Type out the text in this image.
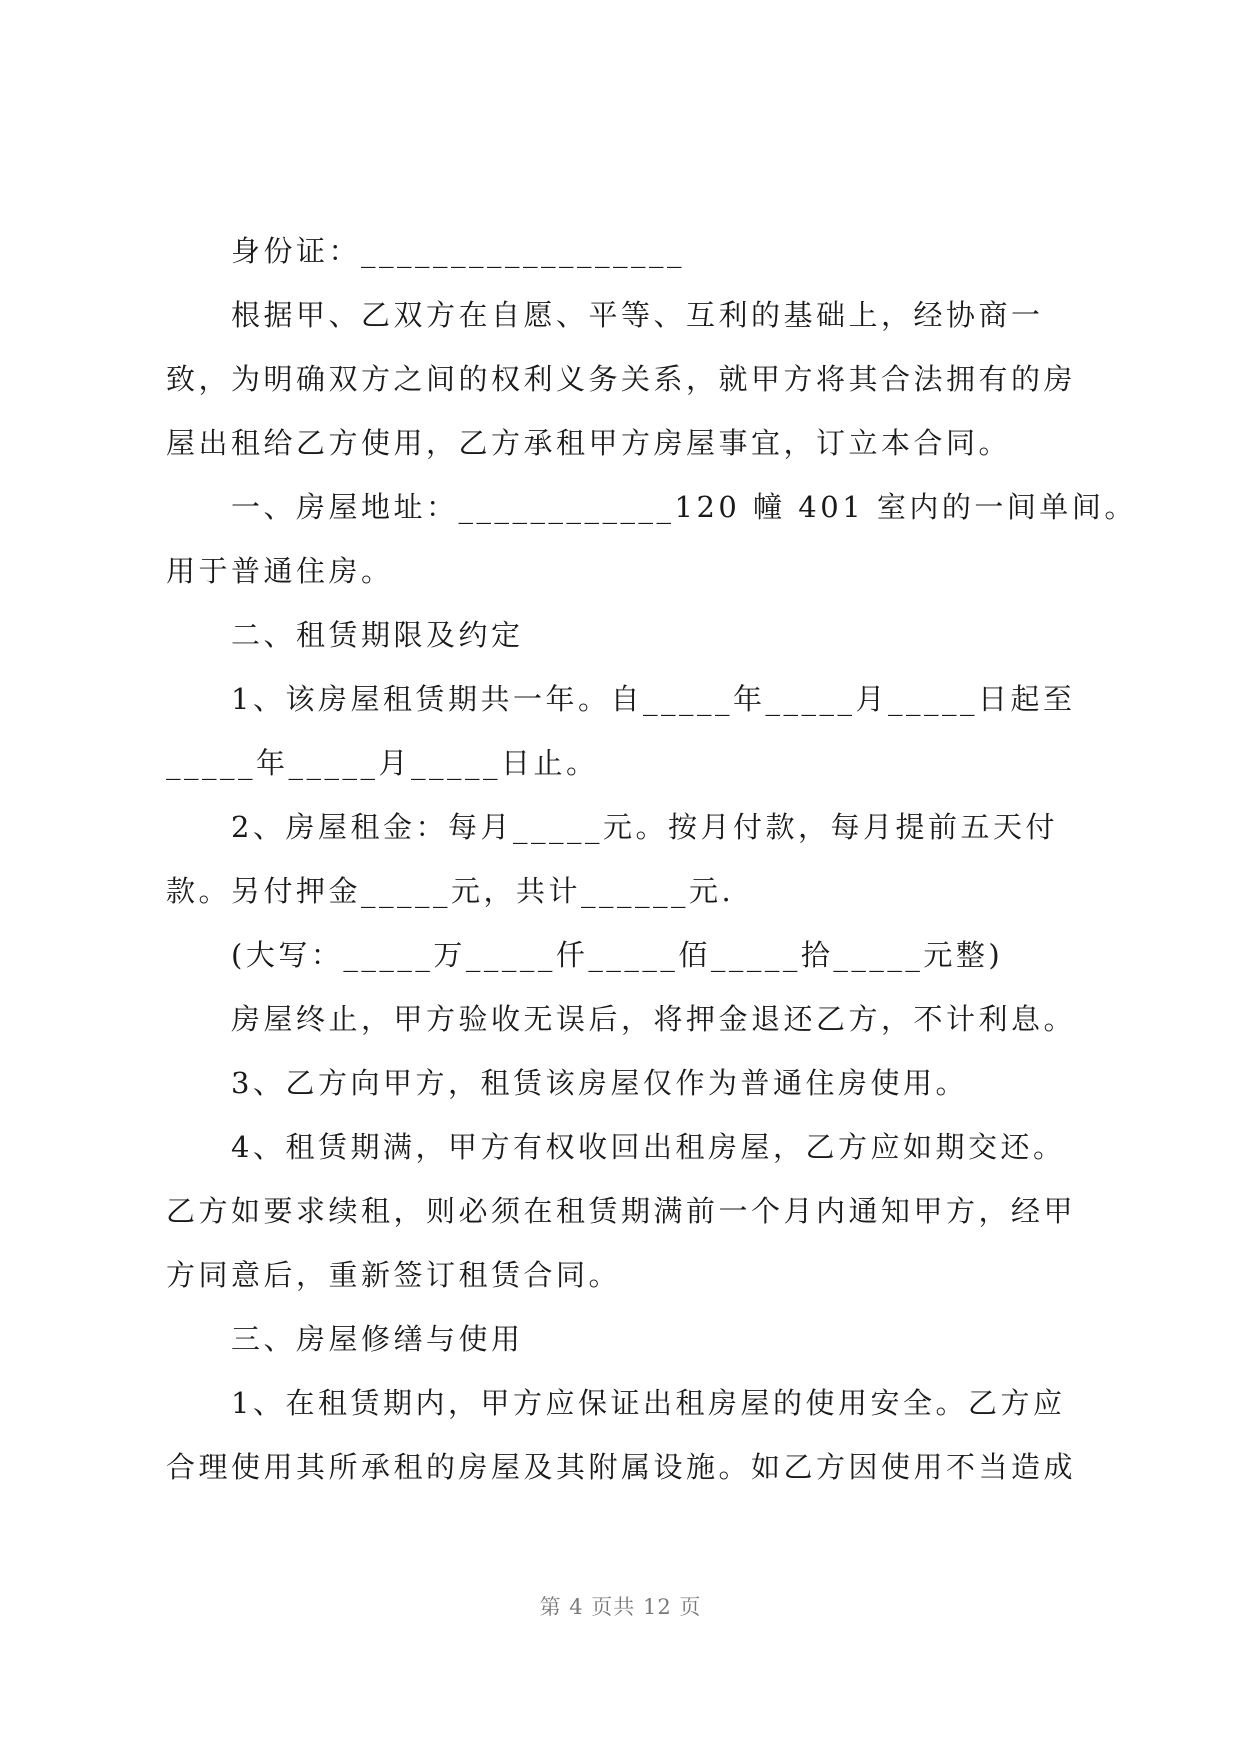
身份证：__________________
根据甲、乙双方在自愿、平等、互利的基础上，经协商一
致，为明确双方之间的权利义务关系，就甲方将其合法拥有的房
屋出租给乙方使用，乙方承租甲方房屋事宜，订立本合同。
一、房屋地址：____________120 幢 401 室内的一间单间。
用于普通住房。
二、租赁期限及约定
1、该房屋租赁期共一年。自_____年_____月_____日起至
_____年_____月_____日止。
2、房屋租金：每月_____元。按月付款，每月提前五天付
款。另付押金_____元，共计______元.
(大写：_____万_____仟_____佰_____拾_____元整)
房屋终止，甲方验收无误后，将押金退还乙方，不计利息。
3、乙方向甲方，租赁该房屋仅作为普通住房使用。
4、租赁期满，甲方有权收回出租房屋，乙方应如期交还。
乙方如要求续租，则必须在租赁期满前一个月内通知甲方，经甲
方同意后，重新签订租赁合同。
三、房屋修缮与使用
1、在租赁期内，甲方应保证出租房屋的使用安全。乙方应
合理使用其所承租的房屋及其附属设施。如乙方因使用不当造成
第 4 页共 12 页
